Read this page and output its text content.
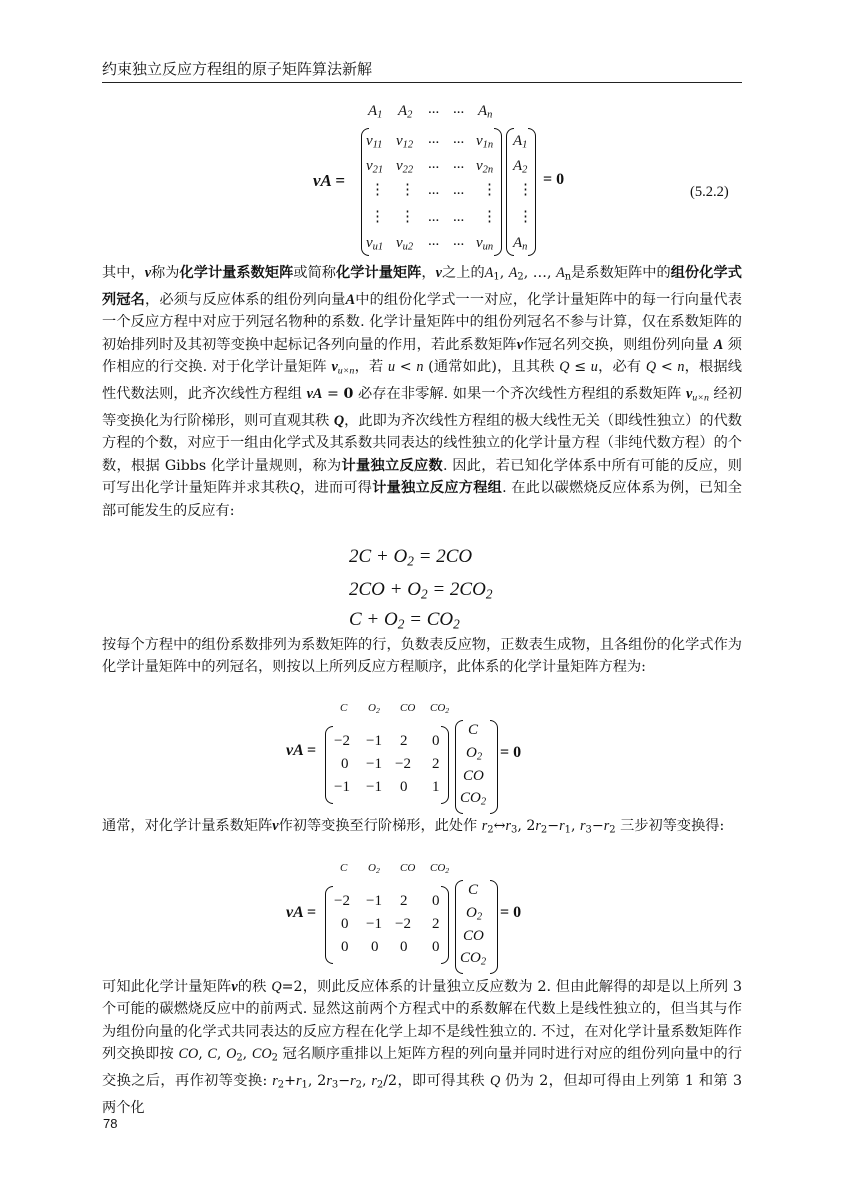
约束独立反应方程组的原子矩阵算法新解
$A_1$ $A_2$ ... ... $A_n$
νA =
$\nu_{11}$ $\nu_{12}$ ... ... $\nu_{1n}$
$\nu_{21}$ $\nu_{22}$ ... ... $\nu_{2n}$
⋮ ⋮ ... ... ⋮
⋮ ⋮ ... ... ⋮
$\nu_{u1}$ $\nu_{u2}$ ... ... $\nu_{un}$
$A_1$
$A_2$
⋮
⋮
$A_n$
= 0
(5.2.2)

其中，ν称为化学计量系数矩阵或简称化学计量矩阵，ν之上的$A_1$, $A_2$, …, $A_n$是系数矩阵中的组份化学式列冠名，必须与反应体系的组份列向量A中的组份化学式一一对应，化学计量矩阵中的每一行向量代表一个反应方程中对应于列冠名物种的系数. 化学计量矩阵中的组份列冠名不参与计算，仅在系数矩阵的初始排列时及其初等变换中起标记各列向量的作用，若此系数矩阵ν作冠名列交换，则组份列向量 A 须作相应的行交换. 对于化学计量矩阵 $\nu_{u\times n}$，若 u < n (通常如此)，且其秩 Q ≤ u，必有 Q < n，根据线性代数法则，此齐次线性方程组 νA = 0 必存在非零解. 如果一个齐次线性方程组的系数矩阵 $\nu_{u\times n}$ 经初等变换化为行阶梯形，则可直观其秩 Q，此即为齐次线性方程组的极大线性无关（即线性独立）的代数方程的个数，对应于一组由化学式及其系数共同表达的线性独立的化学计量方程（非纯代数方程）的个数，根据 Gibbs 化学计量规则，称为计量独立反应数. 因此，若已知化学体系中所有可能的反应，则可写出化学计量矩阵并求其秩Q，进而可得计量独立反应方程组. 在此以碳燃烧反应体系为例，已知全部可能发生的反应有:

$2C + O_2 = 2CO$
$2CO + O_2 = 2CO_2$
$C + O_2 = CO_2$

按每个方程中的组份系数排列为系数矩阵的行，负数表反应物，正数表生成物，且各组份的化学式作为化学计量矩阵中的列冠名，则按以上所列反应方程顺序，此体系的化学计量矩阵方程为:

C $O_2$ CO $CO_2$
νA =
−2 −1 2 0
0 −1 −2 2
−1 −1 0 1
C
$O_2$
CO
$CO_2$
= 0

通常，对化学计量系数矩阵ν作初等变换至行阶梯形，此处作 $r_2\leftrightarrow r_3$, $2r_2-r_1$, $r_3-r_2$ 三步初等变换得:

C $O_2$ CO $CO_2$
νA =
−2 −1 2 0
0 −1 −2 2
0 0 0 0
C
$O_2$
CO
$CO_2$
= 0

可知此化学计量矩阵ν的秩 Q=2，则此反应体系的计量独立反应数为 2. 但由此解得的却是以上所列 3 个可能的碳燃烧反应中的前两式. 显然这前两个方程式中的系数解在代数上是线性独立的，但当其与作为组份向量的化学式共同表达的反应方程在化学上却不是线性独立的. 不过，在对化学计量系数矩阵作列交换即按 CO, C, $O_2$, $CO_2$ 冠名顺序重排以上矩阵方程的列向量并同时进行对应的组份列向量中的行交换之后，再作初等变换: $r_2+r_1$, $2r_3-r_2$, $r_2/2$，即可得其秩 Q 仍为 2，但却可得由上列第 1 和第 3 两个化

78
